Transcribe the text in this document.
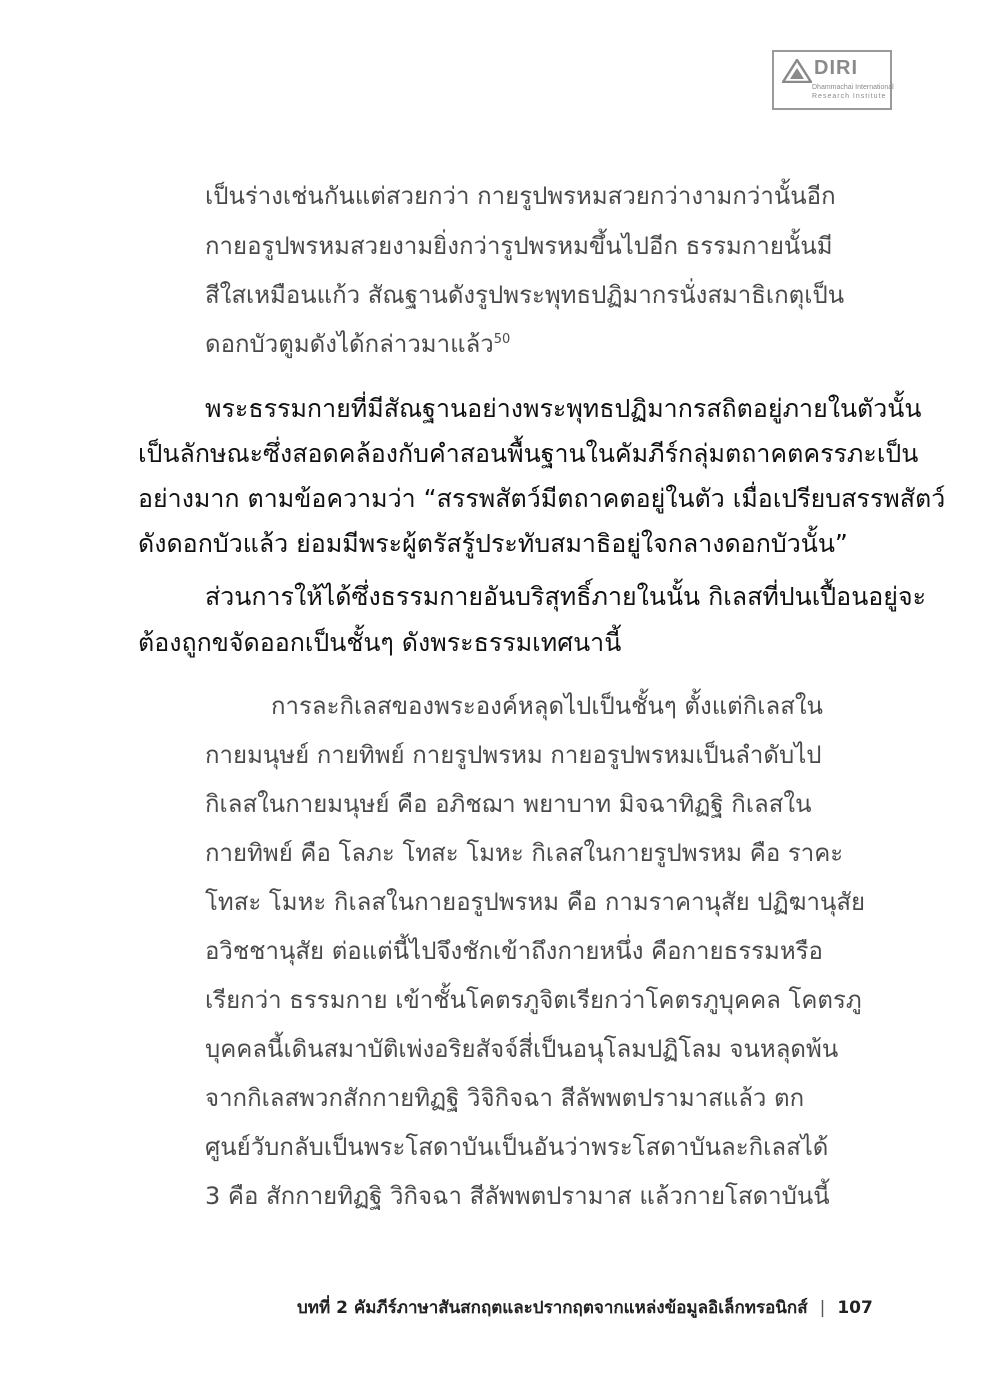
DIRI
Dhammachai International
Research Institute
เป็นร่างเช่นกันแต่สวยกว่า กายรูปพรหมสวยกว่างามกว่านั้นอีก
กายอรูปพรหมสวยงามยิ่งกว่ารูปพรหมขึ้นไปอีก ธรรมกายนั้นมี
สีใสเหมือนแก้ว สัณฐานดังรูปพระพุทธปฏิมากรนั่งสมาธิเกตุเป็น
ดอกบัวตูมดังได้กล่าวมาแล้ว$^{50}$
พระธรรมกายที่มีสัณฐานอย่างพระพุทธปฏิมากรสถิตอยู่ภายในตัวนั้น
เป็นลักษณะซึ่งสอดคล้องกับคำสอนพื้นฐานในคัมภีร์กลุ่มตถาคตครรภะเป็น
อย่างมาก ตามข้อความว่า “สรรพสัตว์มีตถาคตอยู่ในตัว เมื่อเปรียบสรรพสัตว์
ดังดอกบัวแล้ว ย่อมมีพระผู้ตรัสรู้ประทับสมาธิอยู่ใจกลางดอกบัวนั้น”
ส่วนการให้ได้ซึ่งธรรมกายอันบริสุทธิ์ภายในนั้น กิเลสที่ปนเปื้อนอยู่จะ
ต้องถูกขจัดออกเป็นชั้นๆ ดังพระธรรมเทศนานี้
การละกิเลสของพระองค์หลุดไปเป็นชั้นๆ ตั้งแต่กิเลสใน
กายมนุษย์ กายทิพย์ กายรูปพรหม กายอรูปพรหมเป็นลำดับไป
กิเลสในกายมนุษย์ คือ อภิชฌา พยาบาท มิจฉาทิฏฐิ กิเลสใน
กายทิพย์ คือ โลภะ โทสะ โมหะ กิเลสในกายรูปพรหม คือ ราคะ
โทสะ โมหะ กิเลสในกายอรูปพรหม คือ กามราคานุสัย ปฏิฆานุสัย
อวิชชานุสัย ต่อแต่นี้ไปจึงชักเข้าถึงกายหนึ่ง คือกายธรรมหรือ
เรียกว่า ธรรมกาย เข้าชั้นโคตรภูจิตเรียกว่าโคตรภูบุคคล โคตรภู
บุคคลนี้เดินสมาบัติเพ่งอริยสัจจ์สี่เป็นอนุโลมปฏิโลม จนหลุดพ้น
จากกิเลสพวกสักกายทิฏฐิ วิจิกิจฉา สีลัพพตปรามาสแล้ว ตก
ศูนย์วับกลับเป็นพระโสดาบันเป็นอันว่าพระโสดาบันละกิเลสได้
3 คือ สักกายทิฏฐิ วิกิจฉา สีลัพพตปรามาส แล้วกายโสดาบันนี้
บทที่ 2 คัมภีร์ภาษาสันสกฤตและปรากฤตจากแหล่งข้อมูลอิเล็กทรอนิกส์ | 107
